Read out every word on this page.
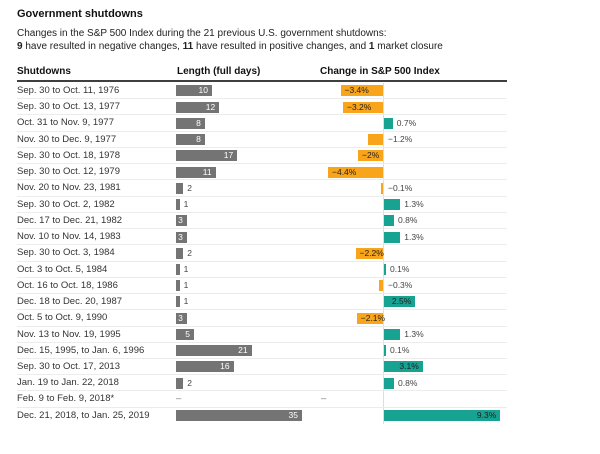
Government shutdowns
Changes in the S&P 500 Index during the 21 previous U.S. government shutdowns:
9 have resulted in negative changes, 11 have resulted in positive changes, and 1 market closure
Shutdowns	Length (full days)	Change in S&P 500 Index
Sep. 30 to Oct. 11, 1976	10	−3.4%
Sep. 30 to Oct. 13, 1977	12	−3.2%
Oct. 31 to Nov. 9, 1977	8	0.7%
Nov. 30 to Dec. 9, 1977	8	−1.2%
Sep. 30 to Oct. 18, 1978	17	−2%
Sep. 30 to Oct. 12, 1979	11	−4.4%
Nov. 20 to Nov. 23, 1981	2	−0.1%
Sep. 30 to Oct. 2, 1982	1	1.3%
Dec. 17 to Dec. 21, 1982	3	0.8%
Nov. 10 to Nov. 14, 1983	3	1.3%
Sep. 30 to Oct. 3, 1984	2	−2.2%
Oct. 3 to Oct. 5, 1984	1	0.1%
Oct. 16 to Oct. 18, 1986	1	−0.3%
Dec. 18 to Dec. 20, 1987	1	2.5%
Oct. 5 to Oct. 9, 1990	3	−2.1%
Nov. 13 to Nov. 19, 1995	5	1.3%
Dec. 15, 1995, to Jan. 6, 1996	21	0.1%
Sep. 30 to Oct. 17, 2013	16	3.1%
Jan. 19 to Jan. 22, 2018	2	0.8%
Feb. 9 to Feb. 9, 2018*	–	–
Dec. 21, 2018, to Jan. 25, 2019	35	9.3%
